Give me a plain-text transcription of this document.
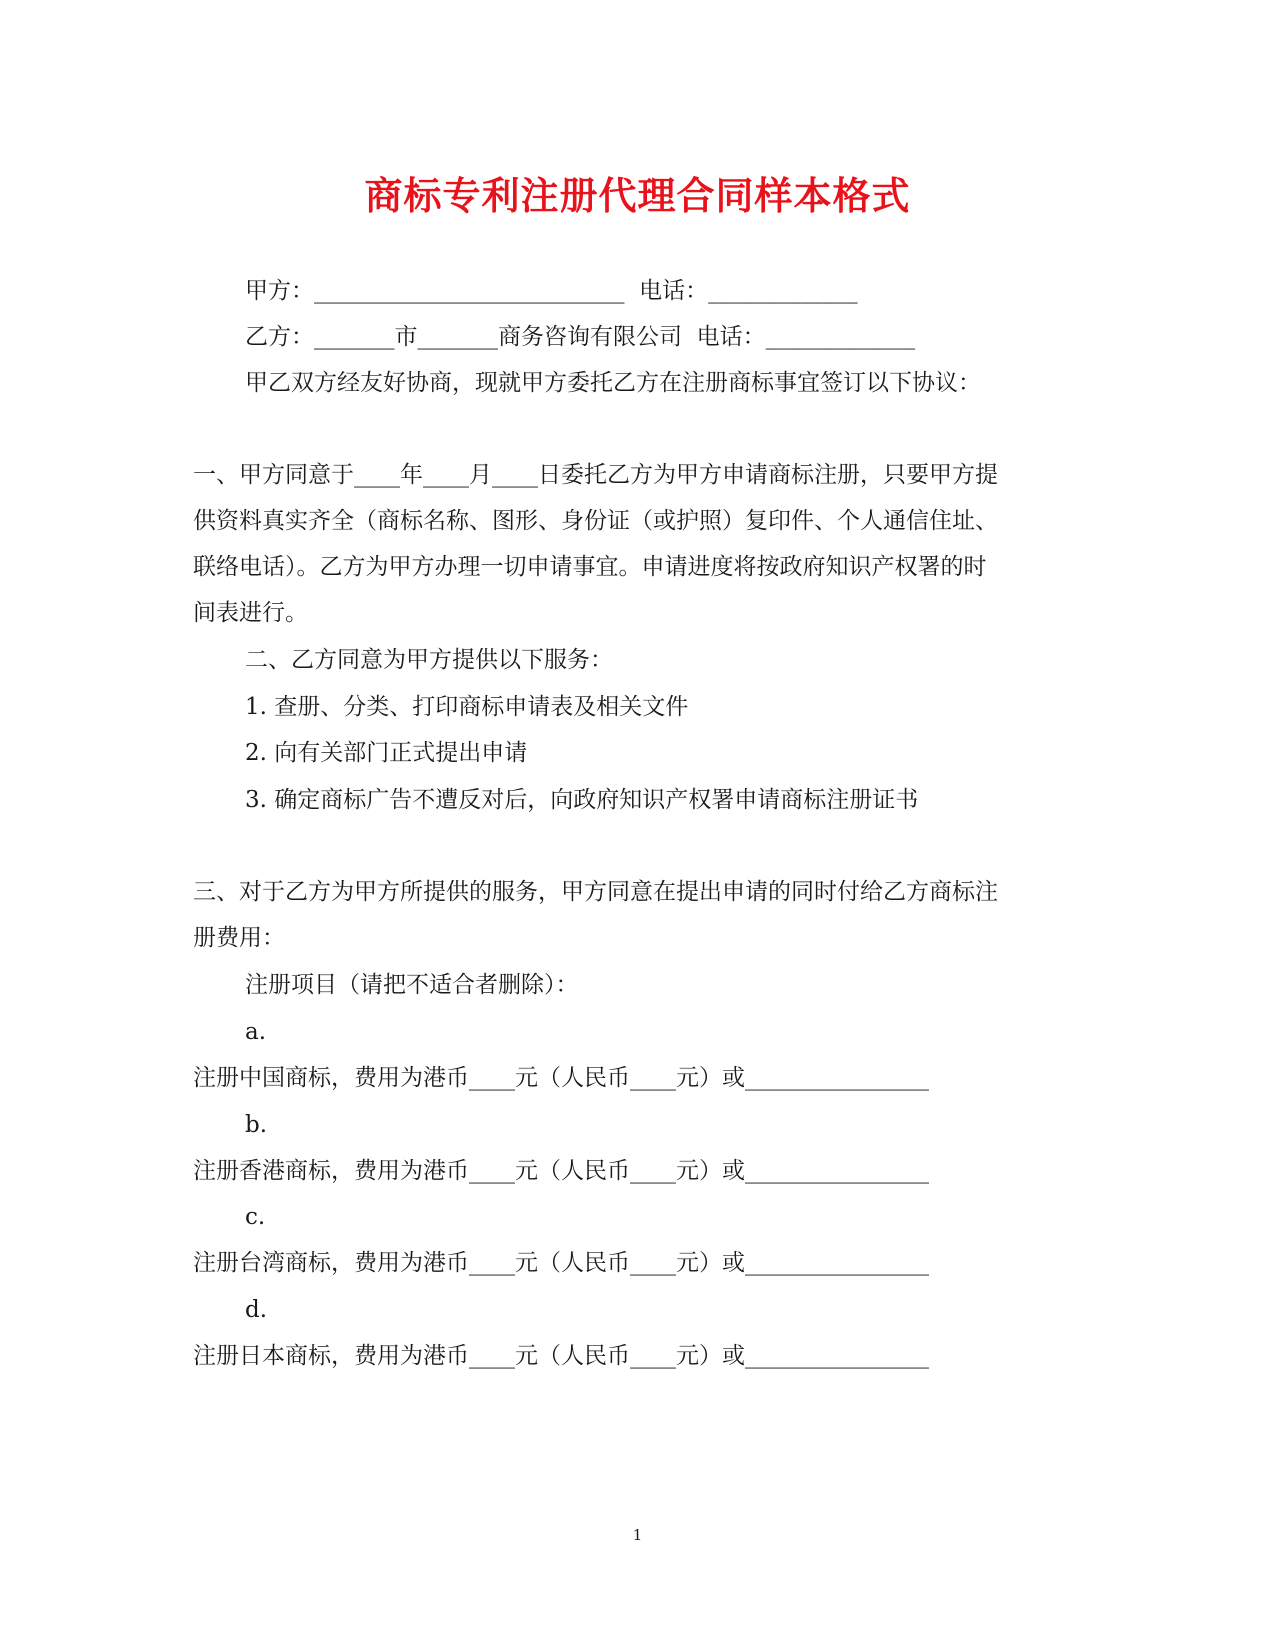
商标专利注册代理合同样本格式
甲方：___________________________  电话：_____________
乙方：_______市_______商务咨询有限公司  电话：_____________
甲乙双方经友好协商，现就甲方委托乙方在注册商标事宜签订以下协议：
一、甲方同意于____年____月____日委托乙方为甲方申请商标注册，只要甲方提
供资料真实齐全（商标名称、图形、身份证（或护照）复印件、个人通信住址、
联络电话）。乙方为甲方办理一切申请事宜。申请进度将按政府知识产权署的时
间表进行。
二、乙方同意为甲方提供以下服务：
1. 查册、分类、打印商标申请表及相关文件
2. 向有关部门正式提出申请
3. 确定商标广告不遭反对后，向政府知识产权署申请商标注册证书
三、对于乙方为甲方所提供的服务，甲方同意在提出申请的同时付给乙方商标注
册费用：
注册项目（请把不适合者删除）：
a.
注册中国商标，费用为港币____元（人民币____元）或________________
b.
注册香港商标，费用为港币____元（人民币____元）或________________
c.
注册台湾商标，费用为港币____元（人民币____元）或________________
d.
注册日本商标，费用为港币____元（人民币____元）或________________
1
